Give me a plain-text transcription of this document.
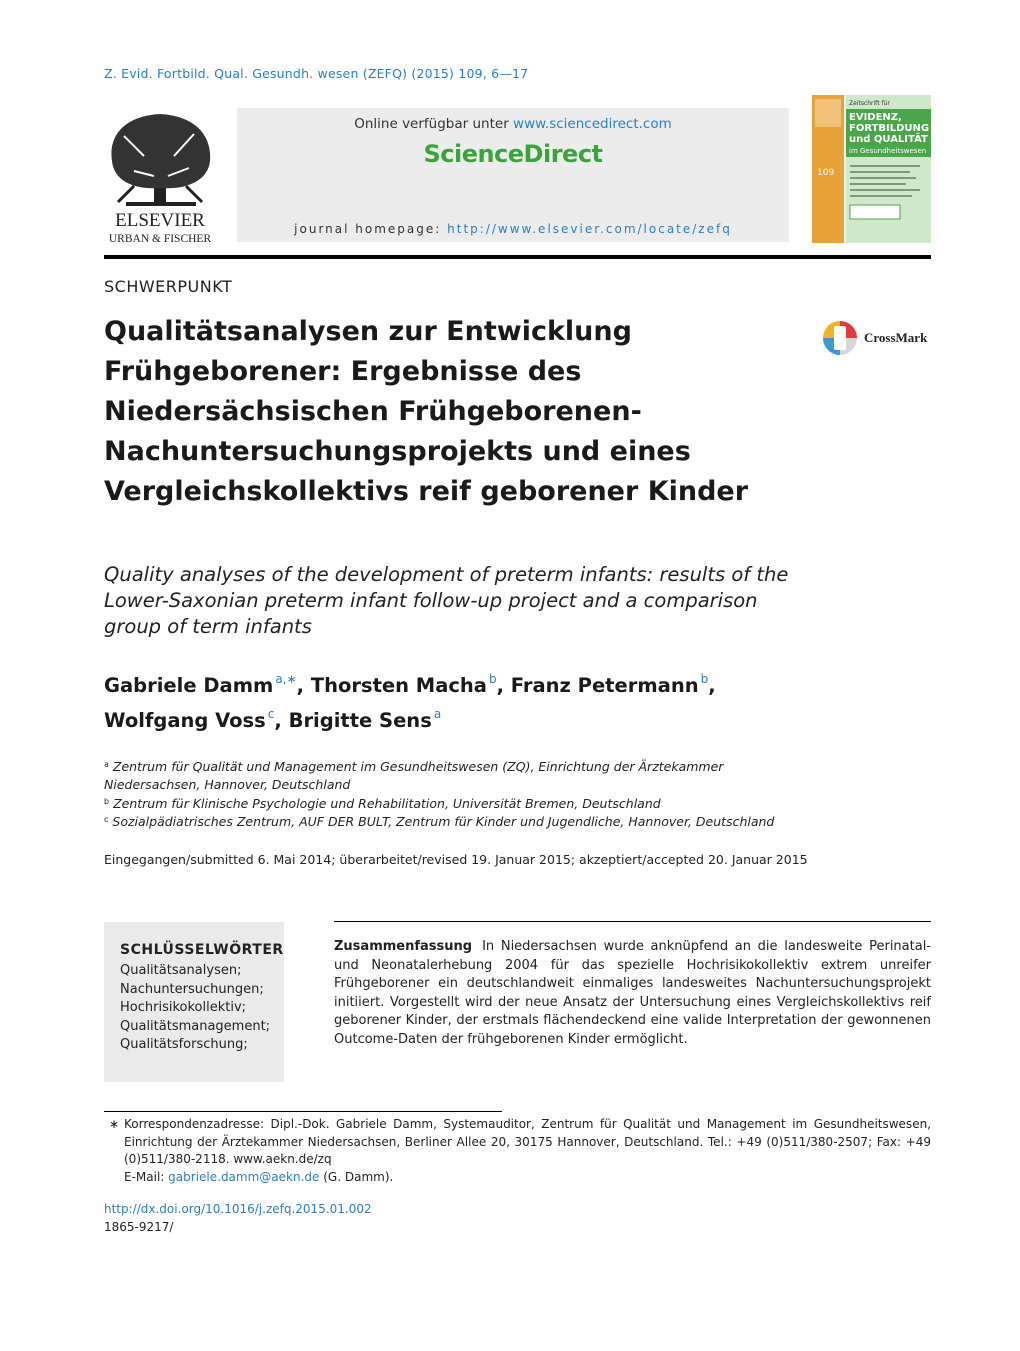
Z. Evid. Fortbild. Qual. Gesundh. wesen (ZEFQ) (2015) 109, 6—17
ELSEVIER
URBAN & FISCHER
Online verfügbar unter www.sciencedirect.com
ScienceDirect
journal homepage: http://www.elsevier.com/locate/zefq
Zeitschrift für
EVIDENZ,
FORTBILDUNG
und QUALITÄT
im Gesundheitswesen
109
SCHWERPUNKT
Qualitätsanalysen zur Entwicklung Frühgeborener: Ergebnisse des Niedersächsischen Frühgeborenen-Nachuntersuchungsprojekts und eines Vergleichskollektivs reif geborener Kinder
CrossMark
Quality analyses of the development of preterm infants: results of the Lower-Saxonian preterm infant follow-up project and a comparison group of term infants
Gabriele Damm $^{a,∗}$, Thorsten Macha $^b$, Franz Petermann $^b$,
Wolfgang Voss $^c$, Brigitte Sens $^a$
$^a$ Zentrum für Qualität und Management im Gesundheitswesen (ZQ), Einrichtung der Ärztekammer Niedersachsen, Hannover, Deutschland
$^b$ Zentrum für Klinische Psychologie und Rehabilitation, Universität Bremen, Deutschland
$^c$ Sozialpädiatrisches Zentrum, AUF DER BULT, Zentrum für Kinder und Jugendliche, Hannover, Deutschland
Eingegangen/submitted 6. Mai 2014; überarbeitet/revised 19. Januar 2015; akzeptiert/accepted 20. Januar 2015
SCHLÜSSELWÖRTER
Qualitätsanalysen;
Nachuntersuchungen;
Hochrisikokollektiv;
Qualitätsmanagement;
Qualitätsforschung;
Zusammenfassung In Niedersachsen wurde anknüpfend an die landesweite Perinatal- und Neonatalerhebung 2004 für das spezielle Hochrisikokollektiv extrem unreifer Frühgeborener ein deutschlandweit einmaliges landesweites Nachuntersuchungsprojekt initiiert. Vorgestellt wird der neue Ansatz der Untersuchung eines Vergleichskollektivs reif geborener Kinder, der erstmals flächendeckend eine valide Interpretation der gewonnenen Outcome-Daten der frühgeborenen Kinder ermöglicht.
∗ Korrespondenzadresse: Dipl.-Dok. Gabriele Damm, Systemauditor, Zentrum für Qualität und Management im Gesundheitswesen, Einrichtung der Ärztekammer Niedersachsen, Berliner Allee 20, 30175 Hannover, Deutschland. Tel.: +49 (0)511/380-2507; Fax: +49 (0)511/380-2118. www.aekn.de/zq
E-Mail: gabriele.damm@aekn.de (G. Damm).
http://dx.doi.org/10.1016/j.zefq.2015.01.002
1865-9217/
